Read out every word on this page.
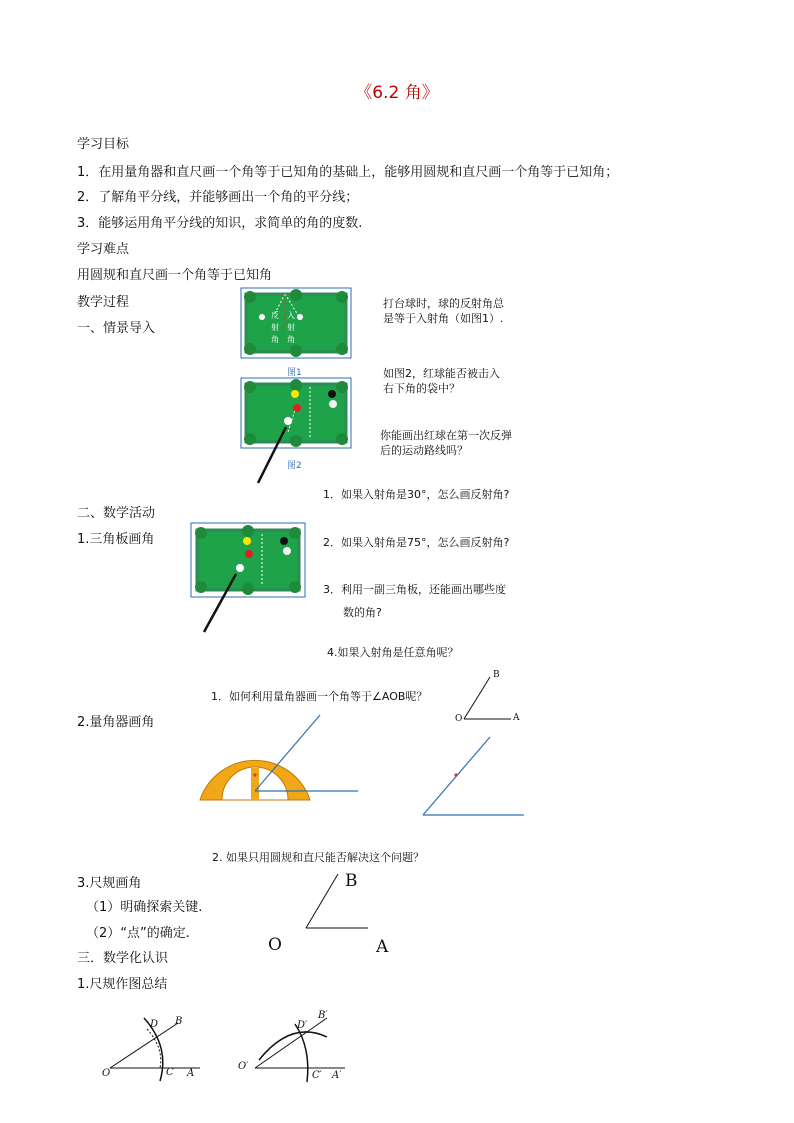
《6.2 角》
学习目标
1．在用量角器和直尺画一个角等于已知角的基础上，能够用圆规和直尺画一个角等于已知角；
2．了解角平分线，并能够画出一个角的平分线；
3．能够运用角平分线的知识，求简单的角的度数.
学习难点
用圆规和直尺画一个角等于已知角
教学过程
一、情景导入
反
射
角
入
射
角
图1
图2
打台球时，球的反射角总
是等于入射角（如图1）.
如图2，红球能否被击入
右下角的袋中？
你能画出红球在第一次反弹
后的运动路线吗？
1．如果入射角是30°，怎么画反射角?
二、数学活动
1.三角板画角	2．如果入射角是75°，怎么画反射角?
3．利用一副三角板，还能画出哪些度
数的角?
4.如果入射角是任意角呢？
B
O	A
1．如何利用量角器画一个角等于∠AOB呢？
2.量角器画角
2. 如果只用圆规和直尺能否解决这个问题？
3.尺规画角
（1）明确探索关键.
（2）“点”的确定.
B
O	A
三．数学化认识
1.尺规作图总结
O	C A
D B
O′
C′ A′
D′
B′
